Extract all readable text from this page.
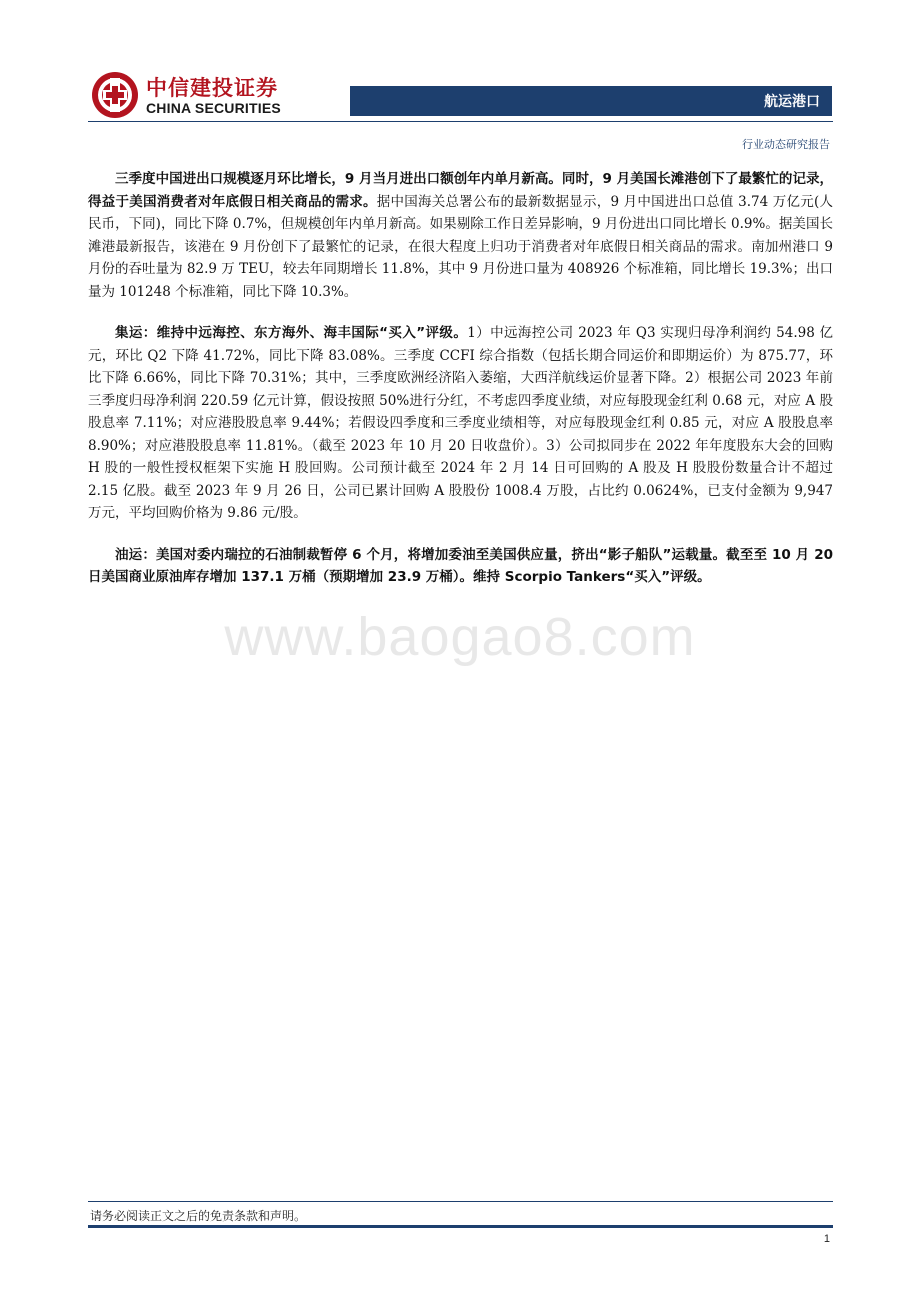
中信建投证券
CHINA SECURITIES	航运港口
行业动态研究报告

三季度中国进出口规模逐月环比增长，9 月当月进出口额创年内单月新高。同时，9 月美国长滩港创下了最繁忙的记录，得益于美国消费者对年底假日相关商品的需求。据中国海关总署公布的最新数据显示，9 月中国进出口总值 3.74 万亿元(人民币，下同)，同比下降 0.7%，但规模创年内单月新高。如果剔除工作日差异影响，9 月份进出口同比增长 0.9%。据美国长滩港最新报告，该港在 9 月份创下了最繁忙的记录，在很大程度上归功于消费者对年底假日相关商品的需求。南加州港口 9 月份的吞吐量为 82.9 万 TEU，较去年同期增长 11.8%，其中 9 月份进口量为 408926 个标准箱，同比增长 19.3%；出口量为 101248 个标准箱，同比下降 10.3%。

集运：维持中远海控、东方海外、海丰国际“买入”评级。1）中远海控公司 2023 年 Q3 实现归母净利润约 54.98 亿元，环比 Q2 下降 41.72%，同比下降 83.08%。三季度 CCFI 综合指数（包括长期合同运价和即期运价）为 875.77，环比下降 6.66%，同比下降 70.31%；其中，三季度欧洲经济陷入萎缩，大西洋航线运价显著下降。2）根据公司 2023 年前三季度归母净利润 220.59 亿元计算，假设按照 50%进行分红，不考虑四季度业绩，对应每股现金红利 0.68 元，对应 A 股股息率 7.11%；对应港股股息率 9.44%；若假设四季度和三季度业绩相等，对应每股现金红利 0.85 元，对应 A 股股息率 8.90%；对应港股股息率 11.81%。（截至 2023 年 10 月 20 日收盘价）。3）公司拟同步在 2022 年年度股东大会的回购 H 股的一般性授权框架下实施 H 股回购。公司预计截至 2024 年 2 月 14 日可回购的 A 股及 H 股股份数量合计不超过 2.15 亿股。截至 2023 年 9 月 26 日，公司已累计回购 A 股股份 1008.4 万股，占比约 0.0624%，已支付金额为 9,947 万元，平均回购价格为 9.86 元/股。

油运：美国对委内瑞拉的石油制裁暂停 6 个月，将增加委油至美国供应量，挤出“影子船队”运载量。截至至 10 月 20 日美国商业原油库存增加 137.1 万桶（预期增加 23.9 万桶）。维持 Scorpio Tankers“买入”评级。

www.baogao8.com
请务必阅读正文之后的免责条款和声明。
1
